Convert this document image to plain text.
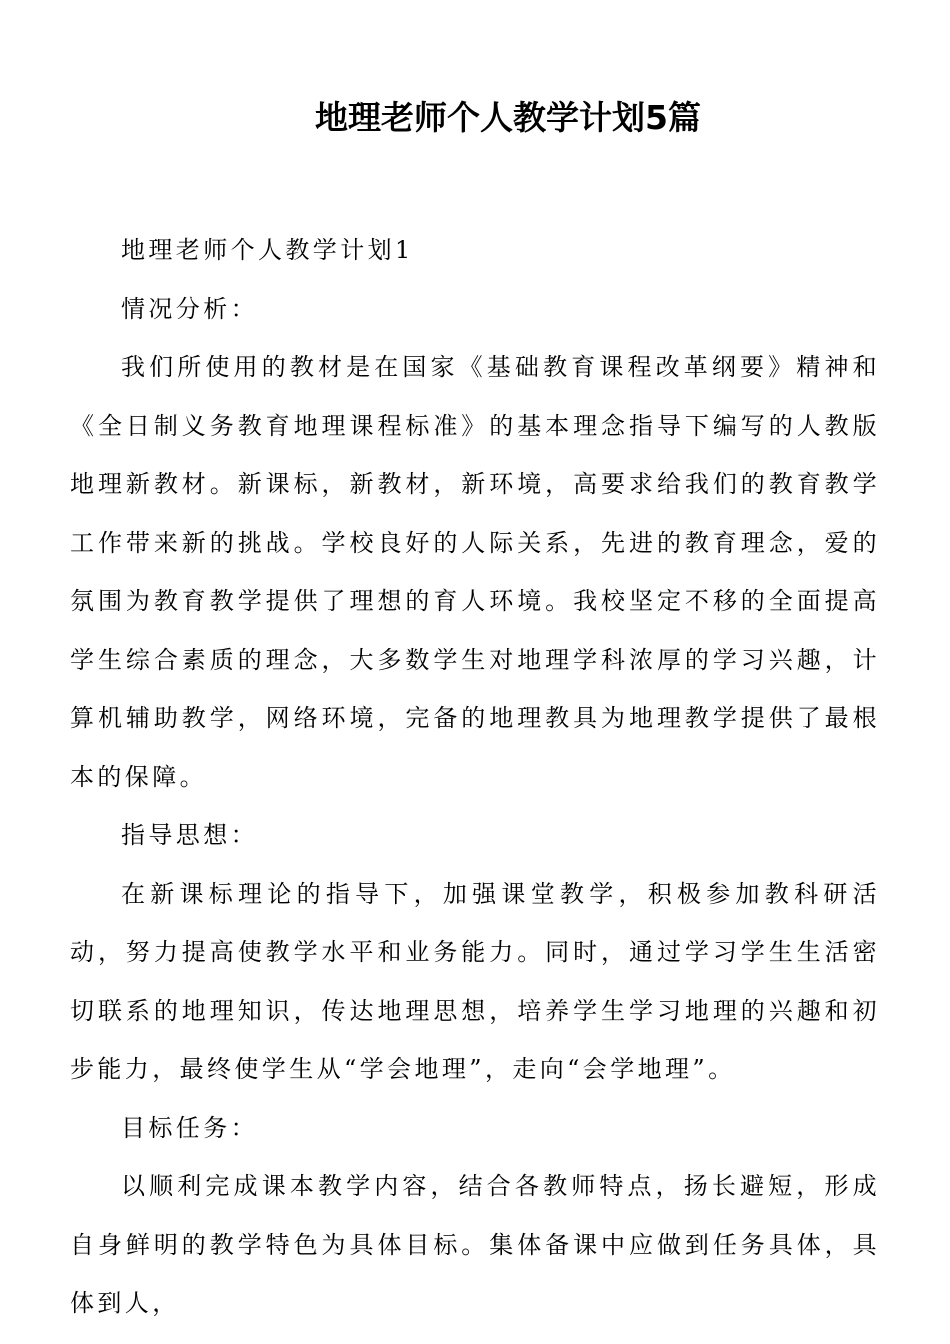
地理老师个人教学计划5篇

地理老师个人教学计划1

情况分析：

我们所使用的教材是在国家《基础教育课程改革纲要》精神和《全日制义务教育地理课程标准》的基本理念指导下编写的人教版地理新教材。新课标，新教材，新环境，高要求给我们的教育教学工作带来新的挑战。学校良好的人际关系，先进的教育理念，爱的氛围为教育教学提供了理想的育人环境。我校坚定不移的全面提高学生综合素质的理念，大多数学生对地理学科浓厚的学习兴趣，计算机辅助教学，网络环境，完备的地理教具为地理教学提供了最根本的保障。

指导思想：

在新课标理论的指导下，加强课堂教学，积极参加教科研活动，努力提高使教学水平和业务能力。同时，通过学习学生生活密切联系的地理知识，传达地理思想，培养学生学习地理的兴趣和初步能力，最终使学生从“学会地理”，走向“会学地理”。

目标任务：

以顺利完成课本教学内容，结合各教师特点，扬长避短，形成自身鲜明的教学特色为具体目标。集体备课中应做到任务具体，具体到人，
